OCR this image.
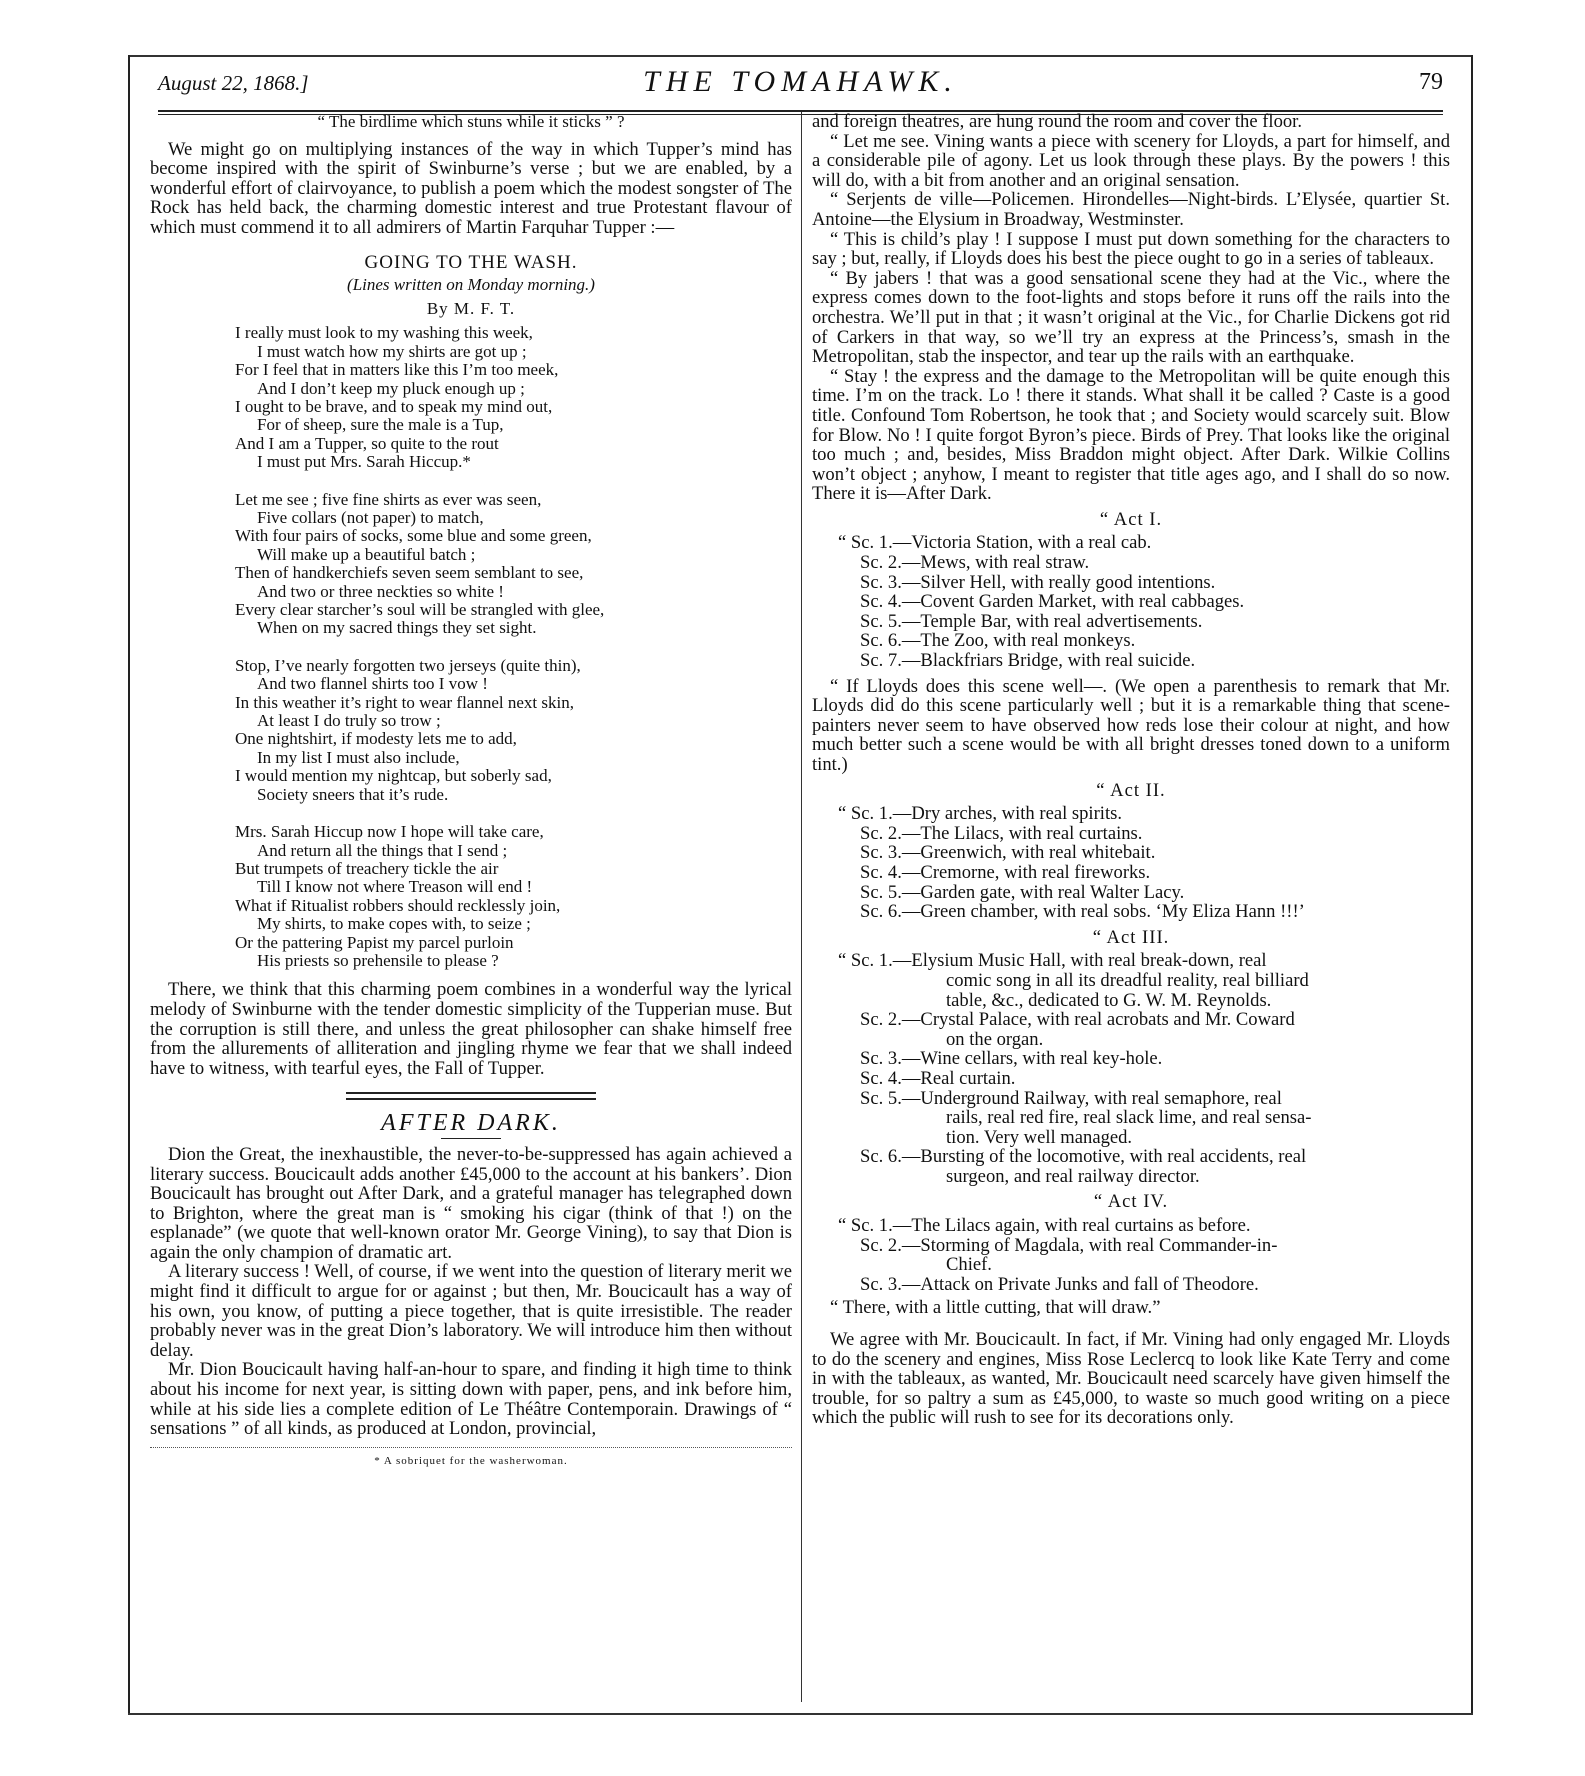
August 22, 1868.]	THE TOMAHAWK.	79

“ The birdlime which stuns while it sticks ” ?

We might go on multiplying instances of the way in which Tupper’s mind has become inspired with the spirit of Swinburne’s verse ; but we are enabled, by a wonderful effort of clairvoyance, to publish a poem which the modest songster of The Rock has held back, the charming domestic interest and true Protestant flavour of which must commend it to all admirers of Martin Farquhar Tupper :—

GOING TO THE WASH.
(Lines written on Monday morning.)
By M. F. T.
I really must look to my washing this week,
I must watch how my shirts are got up ;
For I feel that in matters like this I’m too meek,
And I don’t keep my pluck enough up ;
I ought to be brave, and to speak my mind out,
For of sheep, sure the male is a Tup,
And I am a Tupper, so quite to the rout
I must put Mrs. Sarah Hiccup.*
Let me see ; five fine shirts as ever was seen,
Five collars (not paper) to match,
With four pairs of socks, some blue and some green,
Will make up a beautiful batch ;
Then of handkerchiefs seven seem semblant to see,
And two or three neckties so white !
Every clear starcher’s soul will be strangled with glee,
When on my sacred things they set sight.
Stop, I’ve nearly forgotten two jerseys (quite thin),
And two flannel shirts too I vow !
In this weather it’s right to wear flannel next skin,
At least I do truly so trow ;
One nightshirt, if modesty lets me to add,
In my list I must also include,
I would mention my nightcap, but soberly sad,
Society sneers that it’s rude.
Mrs. Sarah Hiccup now I hope will take care,
And return all the things that I send ;
But trumpets of treachery tickle the air
Till I know not where Treason will end !
What if Ritualist robbers should recklessly join,
My shirts, to make copes with, to seize ;
Or the pattering Papist my parcel purloin
His priests so prehensile to please ?

There, we think that this charming poem combines in a wonderful way the lyrical melody of Swinburne with the tender domestic simplicity of the Tupperian muse. But the corruption is still there, and unless the great philosopher can shake himself free from the allurements of alliteration and jingling rhyme we fear that we shall indeed have to witness, with tearful eyes, the Fall of Tupper.

AFTER DARK.

Dion the Great, the inexhaustible, the never-to-be-suppressed has again achieved a literary success. Boucicault adds another £45,000 to the account at his bankers’. Dion Boucicault has brought out After Dark, and a grateful manager has telegraphed down to Brighton, where the great man is “ smoking his cigar (think of that !) on the esplanade” (we quote that well-known orator Mr. George Vining), to say that Dion is again the only champion of dramatic art.

A literary success ! Well, of course, if we went into the question of literary merit we might find it difficult to argue for or against ; but then, Mr. Boucicault has a way of his own, you know, of putting a piece together, that is quite irresistible. The reader probably never was in the great Dion’s laboratory. We will introduce him then without delay.

Mr. Dion Boucicault having half-an-hour to spare, and finding it high time to think about his income for next year, is sitting down with paper, pens, and ink before him, while at his side lies a complete edition of Le Théâtre Contemporain. Drawings of “ sensations ” of all kinds, as produced at London, provincial,

* A sobriquet for the washerwoman.

and foreign theatres, are hung round the room and cover the floor.

“ Let me see. Vining wants a piece with scenery for Lloyds, a part for himself, and a considerable pile of agony. Let us look through these plays. By the powers ! this will do, with a bit from another and an original sensation.

“ Serjents de ville—Policemen. Hirondelles—Night-birds. L’Elysée, quartier St. Antoine—the Elysium in Broadway, Westminster.

“ This is child’s play ! I suppose I must put down something for the characters to say ; but, really, if Lloyds does his best the piece ought to go in a series of tableaux.

“ By jabers ! that was a good sensational scene they had at the Vic., where the express comes down to the foot-lights and stops before it runs off the rails into the orchestra. We’ll put in that ; it wasn’t original at the Vic., for Charlie Dickens got rid of Carkers in that way, so we’ll try an express at the Princess’s, smash in the Metropolitan, stab the inspector, and tear up the rails with an earthquake.

“ Stay ! the express and the damage to the Metropolitan will be quite enough this time. I’m on the track. Lo ! there it stands. What shall it be called ? Caste is a good title. Confound Tom Robertson, he took that ; and Society would scarcely suit. Blow for Blow. No ! I quite forgot Byron’s piece. Birds of Prey. That looks like the original too much ; and, besides, Miss Braddon might object. After Dark. Wilkie Collins won’t object ; anyhow, I meant to register that title ages ago, and I shall do so now. There it is—After Dark.

“ Act I.
“ Sc. 1.—Victoria Station, with a real cab.
Sc. 2.—Mews, with real straw.
Sc. 3.—Silver Hell, with really good intentions.
Sc. 4.—Covent Garden Market, with real cabbages.
Sc. 5.—Temple Bar, with real advertisements.
Sc. 6.—The Zoo, with real monkeys.
Sc. 7.—Blackfriars Bridge, with real suicide.

“ If Lloyds does this scene well—. (We open a parenthesis to remark that Mr. Lloyds did do this scene particularly well ; but it is a remarkable thing that scene-painters never seem to have observed how reds lose their colour at night, and how much better such a scene would be with all bright dresses toned down to a uniform tint.)

“ Act II.
“ Sc. 1.—Dry arches, with real spirits.
Sc. 2.—The Lilacs, with real curtains.
Sc. 3.—Greenwich, with real whitebait.
Sc. 4.—Cremorne, with real fireworks.
Sc. 5.—Garden gate, with real Walter Lacy.
Sc. 6.—Green chamber, with real sobs. ‘My Eliza Hann !!!’
“ Act III.
“ Sc. 1.—Elysium Music Hall, with real break-down, real
comic song in all its dreadful reality, real billiard
table, &c., dedicated to G. W. M. Reynolds.
Sc. 2.—Crystal Palace, with real acrobats and Mr. Coward
on the organ.
Sc. 3.—Wine cellars, with real key-hole.
Sc. 4.—Real curtain.
Sc. 5.—Underground Railway, with real semaphore, real
rails, real red fire, real slack lime, and real sensa-
tion. Very well managed.
Sc. 6.—Bursting of the locomotive, with real accidents, real
surgeon, and real railway director.
“ Act IV.
“ Sc. 1.—The Lilacs again, with real curtains as before.
Sc. 2.—Storming of Magdala, with real Commander-in-
Chief.
Sc. 3.—Attack on Private Junks and fall of Theodore.

“ There, with a little cutting, that will draw.”

We agree with Mr. Boucicault. In fact, if Mr. Vining had only engaged Mr. Lloyds to do the scenery and engines, Miss Rose Leclercq to look like Kate Terry and come in with the tableaux, as wanted, Mr. Boucicault need scarcely have given himself the trouble, for so paltry a sum as £45,000, to waste so much good writing on a piece which the public will rush to see for its decorations only.
